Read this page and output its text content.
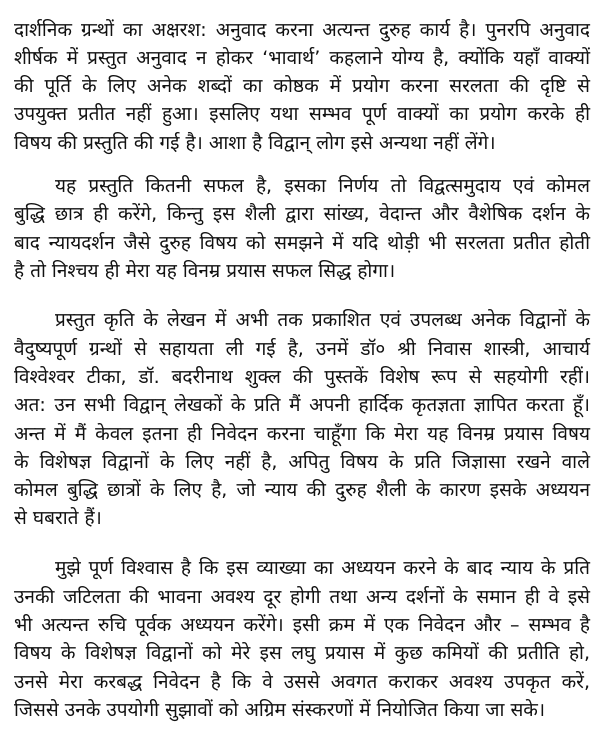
दार्शनिक ग्रन्थों का अक्षरश: अनुवाद करना अत्यन्त दुरुह कार्य है। पुनरपि अनुवाद
शीर्षक में प्रस्तुत अनुवाद न होकर ‘भावार्थ’ कहलाने योग्य है, क्योंकि यहाँ वाक्यों
की पूर्ति के लिए अनेक शब्दों का कोष्ठक में प्रयोग करना सरलता की दृष्टि से
उपयुक्त प्रतीत नहीं हुआ। इसलिए यथा सम्भव पूर्ण वाक्यों का प्रयोग करके ही
विषय की प्रस्तुति की गई है। आशा है विद्वान् लोग इसे अन्यथा नहीं लेंगे।
यह प्रस्तुति कितनी सफल है, इसका निर्णय तो विद्वत्समुदाय एवं कोमल
बुद्धि छात्र ही करेंगे, किन्तु इस शैली द्वारा सांख्य, वेदान्त और वैशेषिक दर्शन के
बाद न्यायदर्शन जैसे दुरुह विषय को समझने में यदि थोड़ी भी सरलता प्रतीत होती
है तो निश्चय ही मेरा यह विनम्र प्रयास सफल सिद्ध होगा।
प्रस्तुत कृति के लेखन में अभी तक प्रकाशित एवं उपलब्ध अनेक विद्वानों के
वैदुष्यपूर्ण ग्रन्थों से सहायता ली गई है, उनमें डॉ० श्री निवास शास्त्री, आचार्य
विश्वेश्वर टीका, डॉ. बदरीनाथ शुक्ल की पुस्तकें विशेष रूप से सहयोगी रहीं।
अत: उन सभी विद्वान् लेखकों के प्रति मैं अपनी हार्दिक कृतज्ञता ज्ञापित करता हूँ।
अन्त में मैं केवल इतना ही निवेदन करना चाहूँगा कि मेरा यह विनम्र प्रयास विषय
के विशेषज्ञ विद्वानों के लिए नहीं है, अपितु विषय के प्रति जिज्ञासा रखने वाले
कोमल बुद्धि छात्रों के लिए है, जो न्याय की दुरुह शैली के कारण इसके अध्ययन
से घबराते हैं।
मुझे पूर्ण विश्वास है कि इस व्याख्या का अध्ययन करने के बाद न्याय के प्रति
उनकी जटिलता की भावना अवश्य दूर होगी तथा अन्य दर्शनों के समान ही वे इसे
भी अत्यन्त रुचि पूर्वक अध्ययन करेंगे। इसी क्रम में एक निवेदन और – सम्भव है
विषय के विशेषज्ञ विद्वानों को मेरे इस लघु प्रयास में कुछ कमियों की प्रतीति हो,
उनसे मेरा करबद्ध निवेदन है कि वे उससे अवगत कराकर अवश्य उपकृत करें,
जिससे उनके उपयोगी सुझावों को अग्रिम संस्करणों में नियोजित किया जा सके।
